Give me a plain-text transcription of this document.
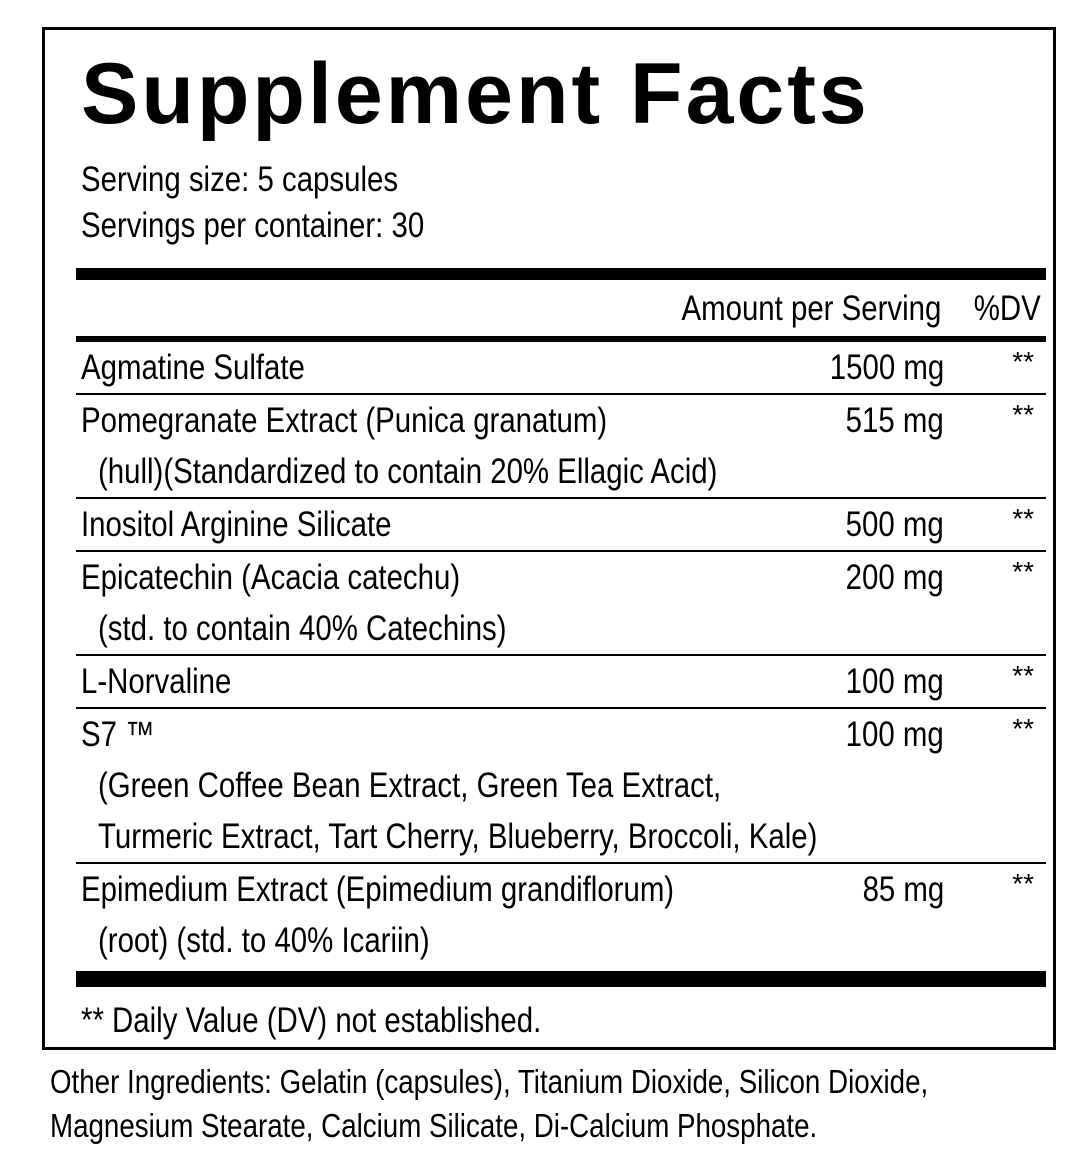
Supplement Facts
Serving size: 5 capsules
Servings per container: 30
Amount per Serving %DV
Agmatine Sulfate	1500 mg **
Pomegranate Extract (Punica granatum)	515 mg **
(hull)(Standardized to contain 20% Ellagic Acid)
Inositol Arginine Silicate	500 mg **
Epicatechin (Acacia catechu)	200 mg **
(std. to contain 40% Catechins)
L-Norvaline	100 mg **
S7 ™	100 mg **
(Green Coffee Bean Extract, Green Tea Extract,
Turmeric Extract, Tart Cherry, Blueberry, Broccoli, Kale)
Epimedium Extract (Epimedium grandiflorum)	85 mg **
(root) (std. to 40% Icariin)
** Daily Value (DV) not established.
Other Ingredients: Gelatin (capsules), Titanium Dioxide, Silicon Dioxide,
Magnesium Stearate, Calcium Silicate, Di-Calcium Phosphate.
